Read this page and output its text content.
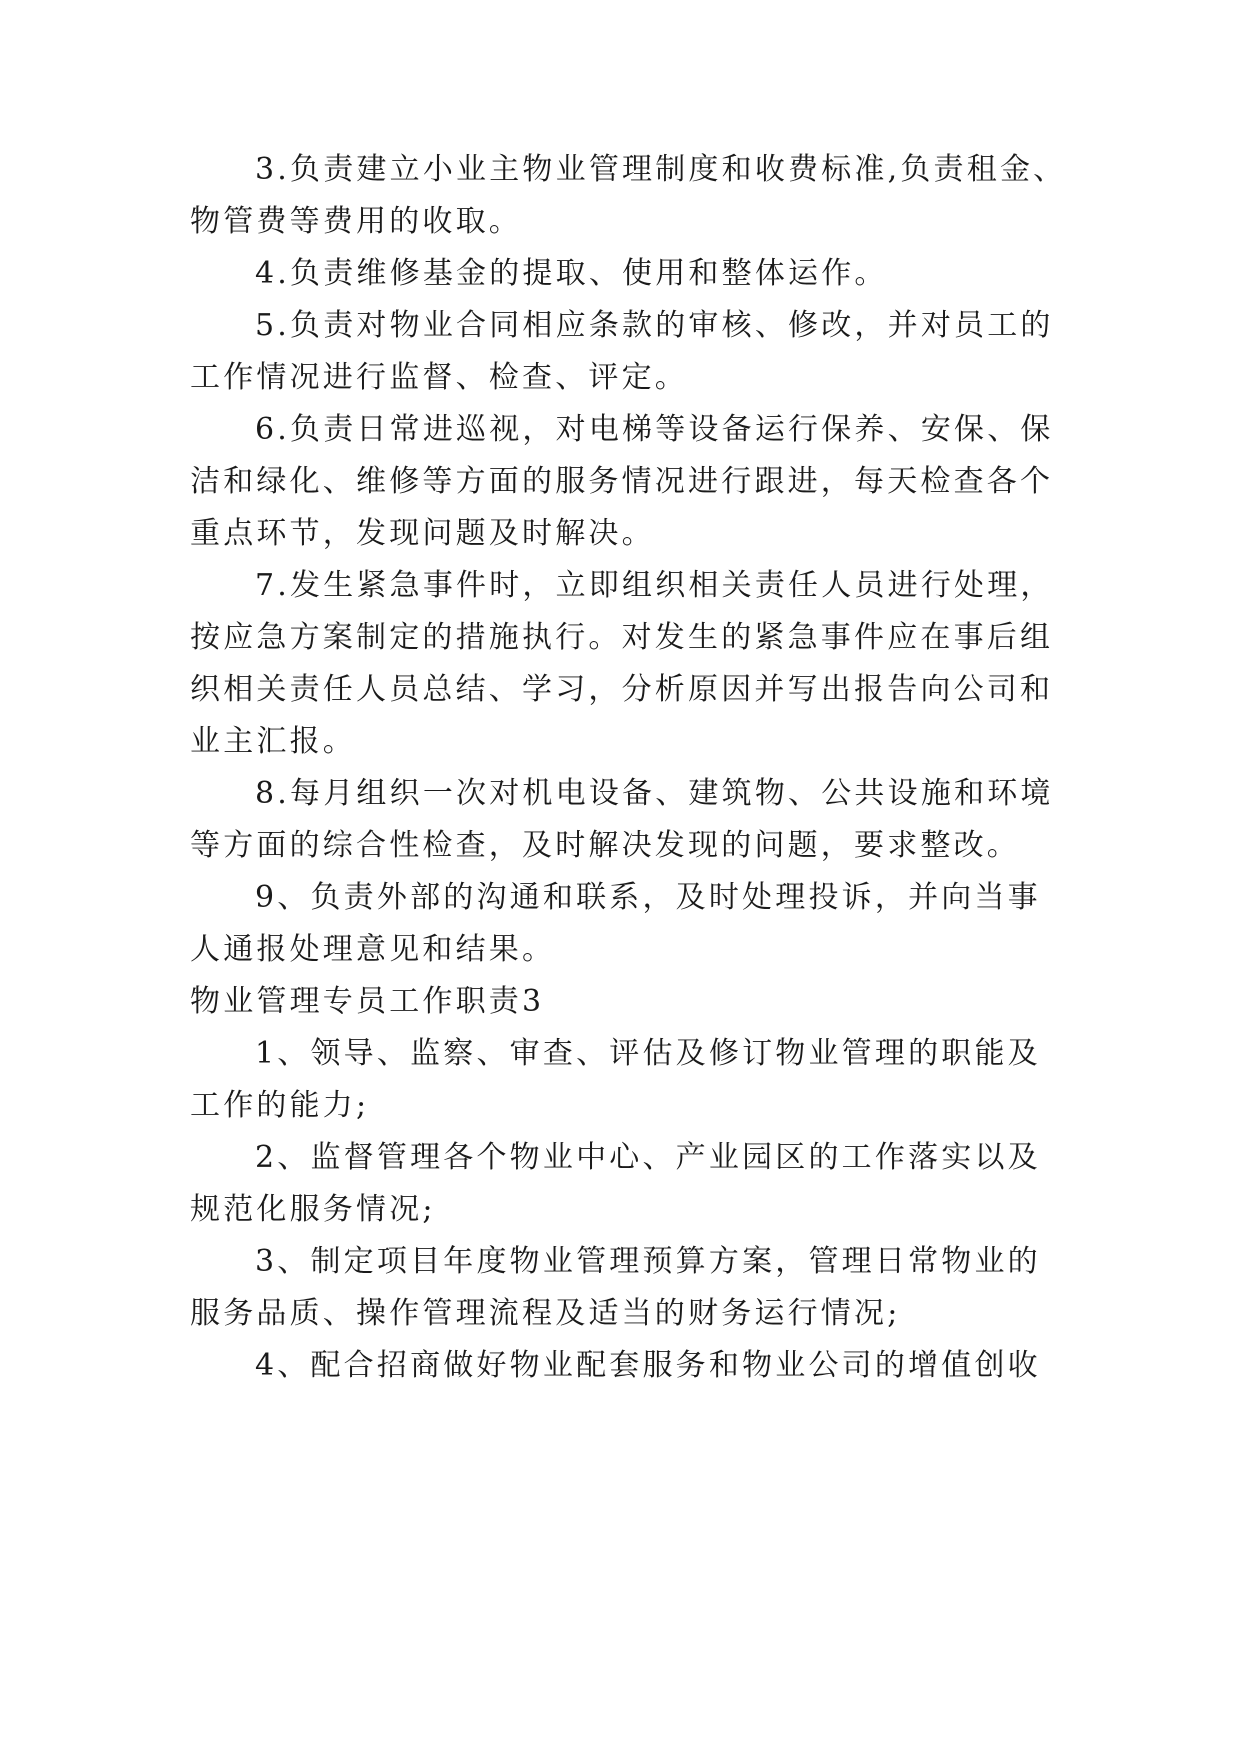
3.负责建立小业主物业管理制度和收费标准,负责租金、
物管费等费用的收取。
4.负责维修基金的提取、使用和整体运作。
5.负责对物业合同相应条款的审核、修改，并对员工的
工作情况进行监督、检查、评定。
6.负责日常进巡视，对电梯等设备运行保养、安保、保
洁和绿化、维修等方面的服务情况进行跟进，每天检查各个
重点环节，发现问题及时解决。
7.发生紧急事件时，立即组织相关责任人员进行处理，
按应急方案制定的措施执行。对发生的紧急事件应在事后组
织相关责任人员总结、学习，分析原因并写出报告向公司和
业主汇报。
8.每月组织一次对机电设备、建筑物、公共设施和环境
等方面的综合性检查，及时解决发现的问题，要求整改。
9、负责外部的沟通和联系，及时处理投诉，并向当事
人通报处理意见和结果。
物业管理专员工作职责3
1、领导、监察、审查、评估及修订物业管理的职能及
工作的能力;
2、监督管理各个物业中心、产业园区的工作落实以及
规范化服务情况;
3、制定项目年度物业管理预算方案，管理日常物业的
服务品质、操作管理流程及适当的财务运行情况;
4、配合招商做好物业配套服务和物业公司的增值创收
